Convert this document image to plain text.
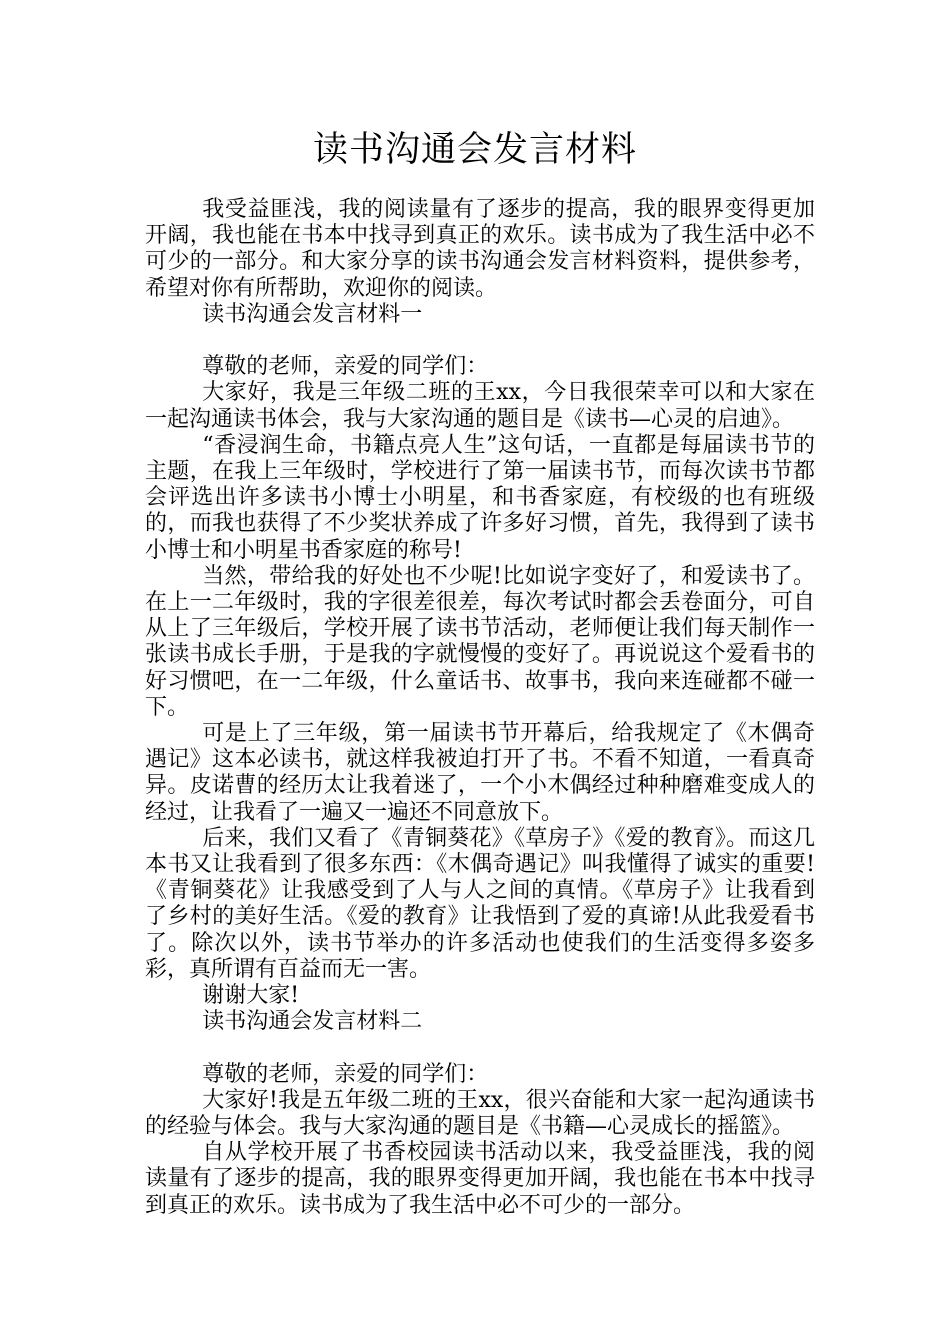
读书沟通会发言材料

我受益匪浅，我的阅读量有了逐步的提高，我的眼界变得更加开阔，我也能在书本中找寻到真正的欢乐。读书成为了我生活中必不可少的一部分。和大家分享的读书沟通会发言材料资料，提供参考，希望对你有所帮助，欢迎你的阅读。

读书沟通会发言材料一

尊敬的老师，亲爱的同学们：

大家好，我是三年级二班的王xx，今日我很荣幸可以和大家在一起沟通读书体会，我与大家沟通的题目是《读书—心灵的启迪》。

“香浸润生命，书籍点亮人生”这句话，一直都是每届读书节的主题，在我上三年级时，学校进行了第一届读书节，而每次读书节都会评选出许多读书小博士小明星，和书香家庭，有校级的也有班级的，而我也获得了不少奖状养成了许多好习惯，首先，我得到了读书小博士和小明星书香家庭的称号!

当然，带给我的好处也不少呢!比如说字变好了，和爱读书了。在上一二年级时，我的字很差很差，每次考试时都会丢卷面分，可自从上了三年级后，学校开展了读书节活动，老师便让我们每天制作一张读书成长手册，于是我的字就慢慢的变好了。再说说这个爱看书的好习惯吧，在一二年级，什么童话书、故事书，我向来连碰都不碰一下。

可是上了三年级，第一届读书节开幕后，给我规定了《木偶奇遇记》这本必读书，就这样我被迫打开了书。不看不知道，一看真奇异。皮诺曹的经历太让我着迷了，一个小木偶经过种种磨难变成人的经过，让我看了一遍又一遍还不同意放下。

后来，我们又看了《青铜葵花》《草房子》《爱的教育》。而这几本书又让我看到了很多东西：《木偶奇遇记》叫我懂得了诚实的重要!《青铜葵花》让我感受到了人与人之间的真情。《草房子》让我看到了乡村的美好生活。《爱的教育》让我悟到了爱的真谛!从此我爱看书了。除次以外，读书节举办的许多活动也使我们的生活变得多姿多彩，真所谓有百益而无一害。

谢谢大家!

读书沟通会发言材料二

尊敬的老师，亲爱的同学们：

大家好!我是五年级二班的王xx，很兴奋能和大家一起沟通读书的经验与体会。我与大家沟通的题目是《书籍—心灵成长的摇篮》。

自从学校开展了书香校园读书活动以来，我受益匪浅，我的阅读量有了逐步的提高，我的眼界变得更加开阔，我也能在书本中找寻到真正的欢乐。读书成为了我生活中必不可少的一部分。
